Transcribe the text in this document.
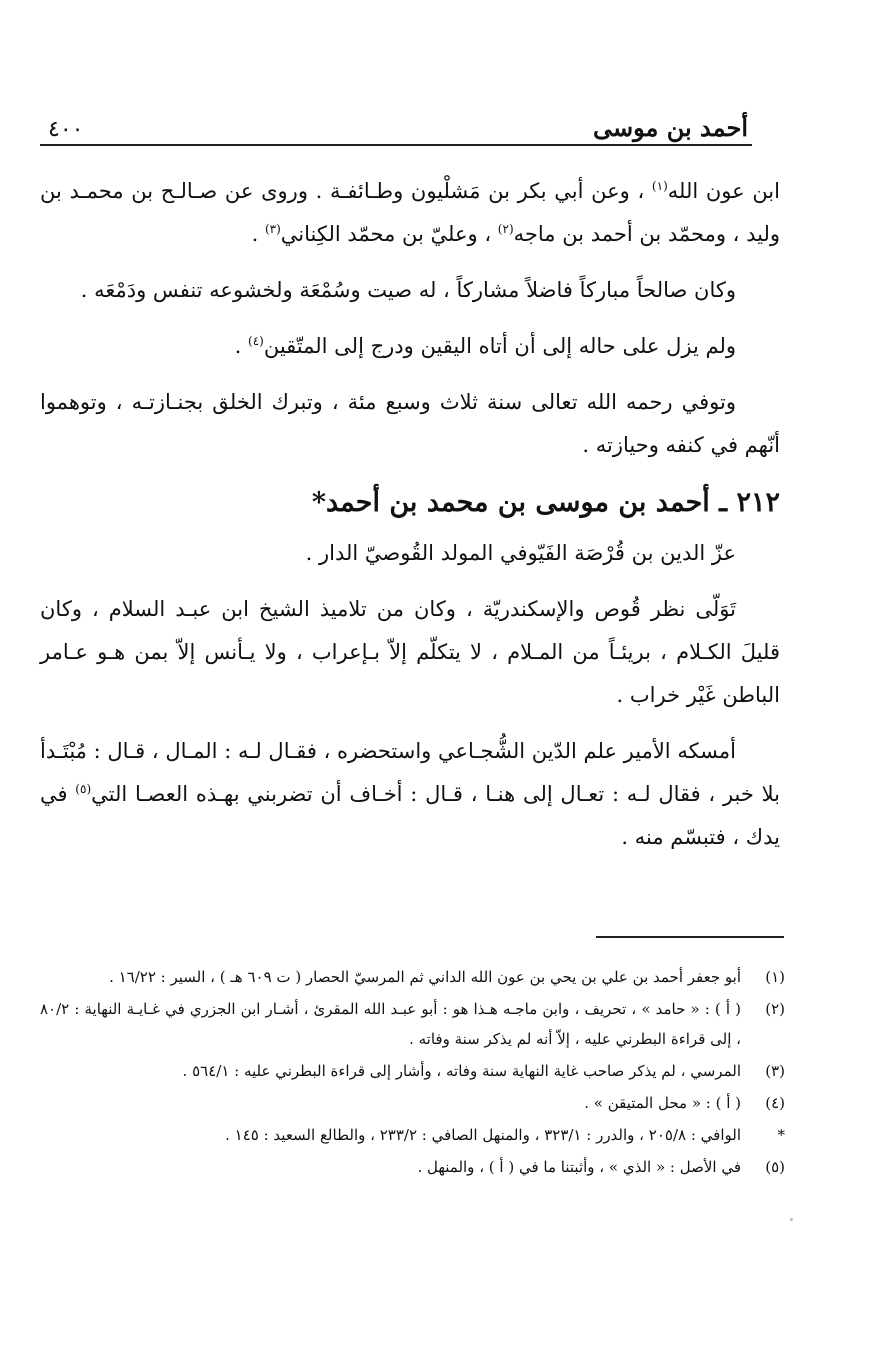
أحمد بن موسى
٤٠٠

ابن عون الله$^{(١)}$ ، وعن أبي بكر بن مَشلْيون وطـائفـة . وروى عن صـالـح بن محمـد بن وليد ، ومحمّد بن أحمد بن ماجه$^{(٢)}$ ، وعليّ بن محمّد الكِناني$^{(٣)}$ .

وكان صالحاً مباركاً فاضلاً مشاركاً ، له صيت وسُمْعَة ولخشوعه تنفس ودَمْعَه .

ولم يزل على حاله إلى أن أتاه اليقين ودرج إلى المتّقين$^{(٤)}$ .

وتوفي رحمه الله تعالى سنة ثلاث وسبع مئة ، وتبرك الخلق بجنـازتـه ، وتوهموا أنّهم في كنفه وحيازته .

٢١٢ ـ أحمد بن موسى بن محمد بن أحمد*

عزّ الدين بن قُرْصَة الفَيّوفي المولد القُوصيّ الدار .

تَوَلّى نظر قُوص والإسكندريّة ، وكان من تلاميذ الشيخ ابن عبـد السلام ، وكان قليلَ الكـلام ، بريئـاً من المـلام ، لا يتكلّم إلاّ بـإعراب ، ولا يـأنس إلاّ بمن هـو عـامر الباطن غَيْر خراب .

أمسكه الأمير علم الدّين الشُّجـاعي واستحضره ، فقـال لـه : المـال ، قـال : مُبْتَـدأ بلا خبر ، فقال لـه : تعـال إلى هنـا ، قـال : أخـاف أن تضربني بهـذه العصـا التي$^{(٥)}$ في يدك ، فتبسّم منه .

(١)
أبو جعفر أحمد بن علي بن يحي بن عون الله الداني ثم المرسيّ الحصار ( ت ٦٠٩ هـ ) ، السير : ١٦/٢٢ .
(٢)
( أ ) : « حامد » ، تحريف ، وابن ماجـه هـذا هو : أبو عبـد الله المقرئ ، أشـار ابن الجزري في غـايـة النهاية : ٨٠/٢ ، إلى قراءة البطرني عليه ، إلاّ أنه لم يذكر سنة وفاته .
(٣)
المرسي ، لم يذكر صاحب غاية النهاية سنة وفاته ، وأشار إلى قراءة البطرني عليه : ٥٦٤/١ .
(٤)
( أ ) : « محل المتيقن » .
*
الوافي : ٢٠٥/٨ ، والدرر : ٣٢٣/١ ، والمنهل الصافي : ٢٣٣/٢ ، والطالع السعيد : ١٤٥ .
(٥)
في الأصل : « الذي » ، وأثبتنا ما في ( أ ) ، والمنهل .
